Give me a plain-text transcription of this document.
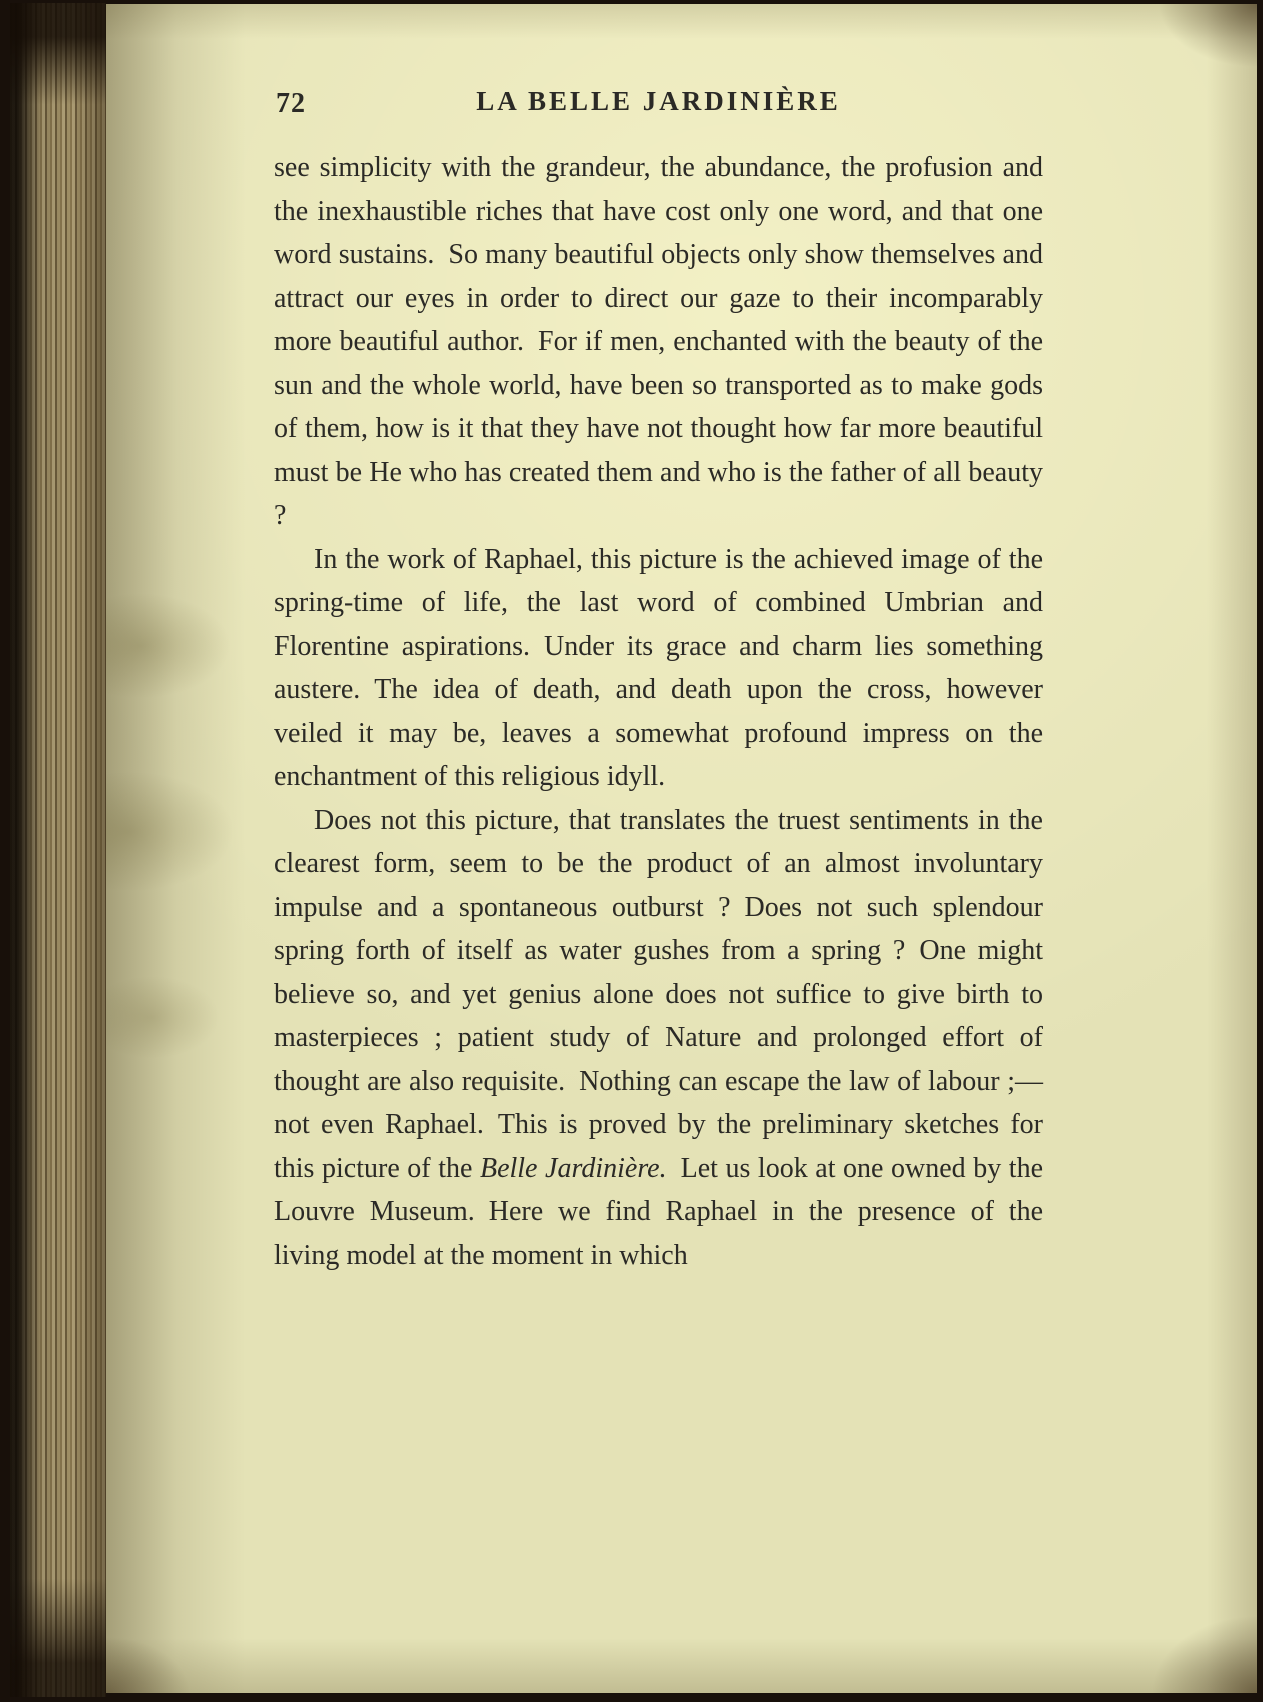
72	LA BELLE JARDINIÈRE

see simplicity with the grandeur, the abundance, the profusion and the inexhaustible riches that have cost only one word, and that one word sustains. So many beautiful objects only show themselves and attract our eyes in order to direct our gaze to their incomparably more beautiful author. For if men, enchanted with the beauty of the sun and the whole world, have been so transported as to make gods of them, how is it that they have not thought how far more beautiful must be He who has created them and who is the father of all beauty ?

In the work of Raphael, this picture is the achieved image of the spring-time of life, the last word of combined Umbrian and Florentine aspirations. Under its grace and charm lies something austere. The idea of death, and death upon the cross, however veiled it may be, leaves a somewhat profound impress on the enchantment of this religious idyll.

Does not this picture, that translates the truest sentiments in the clearest form, seem to be the product of an almost involuntary impulse and a spontaneous outburst ? Does not such splendour spring forth of itself as water gushes from a spring ? One might believe so, and yet genius alone does not suffice to give birth to masterpieces ; patient study of Nature and prolonged effort of thought are also requisite. Nothing can escape the law of labour ;—not even Raphael. This is proved by the preliminary sketches for this picture of the Belle Jardinière. Let us look at one owned by the Louvre Museum. Here we find Raphael in the presence of the living model at the moment in which
